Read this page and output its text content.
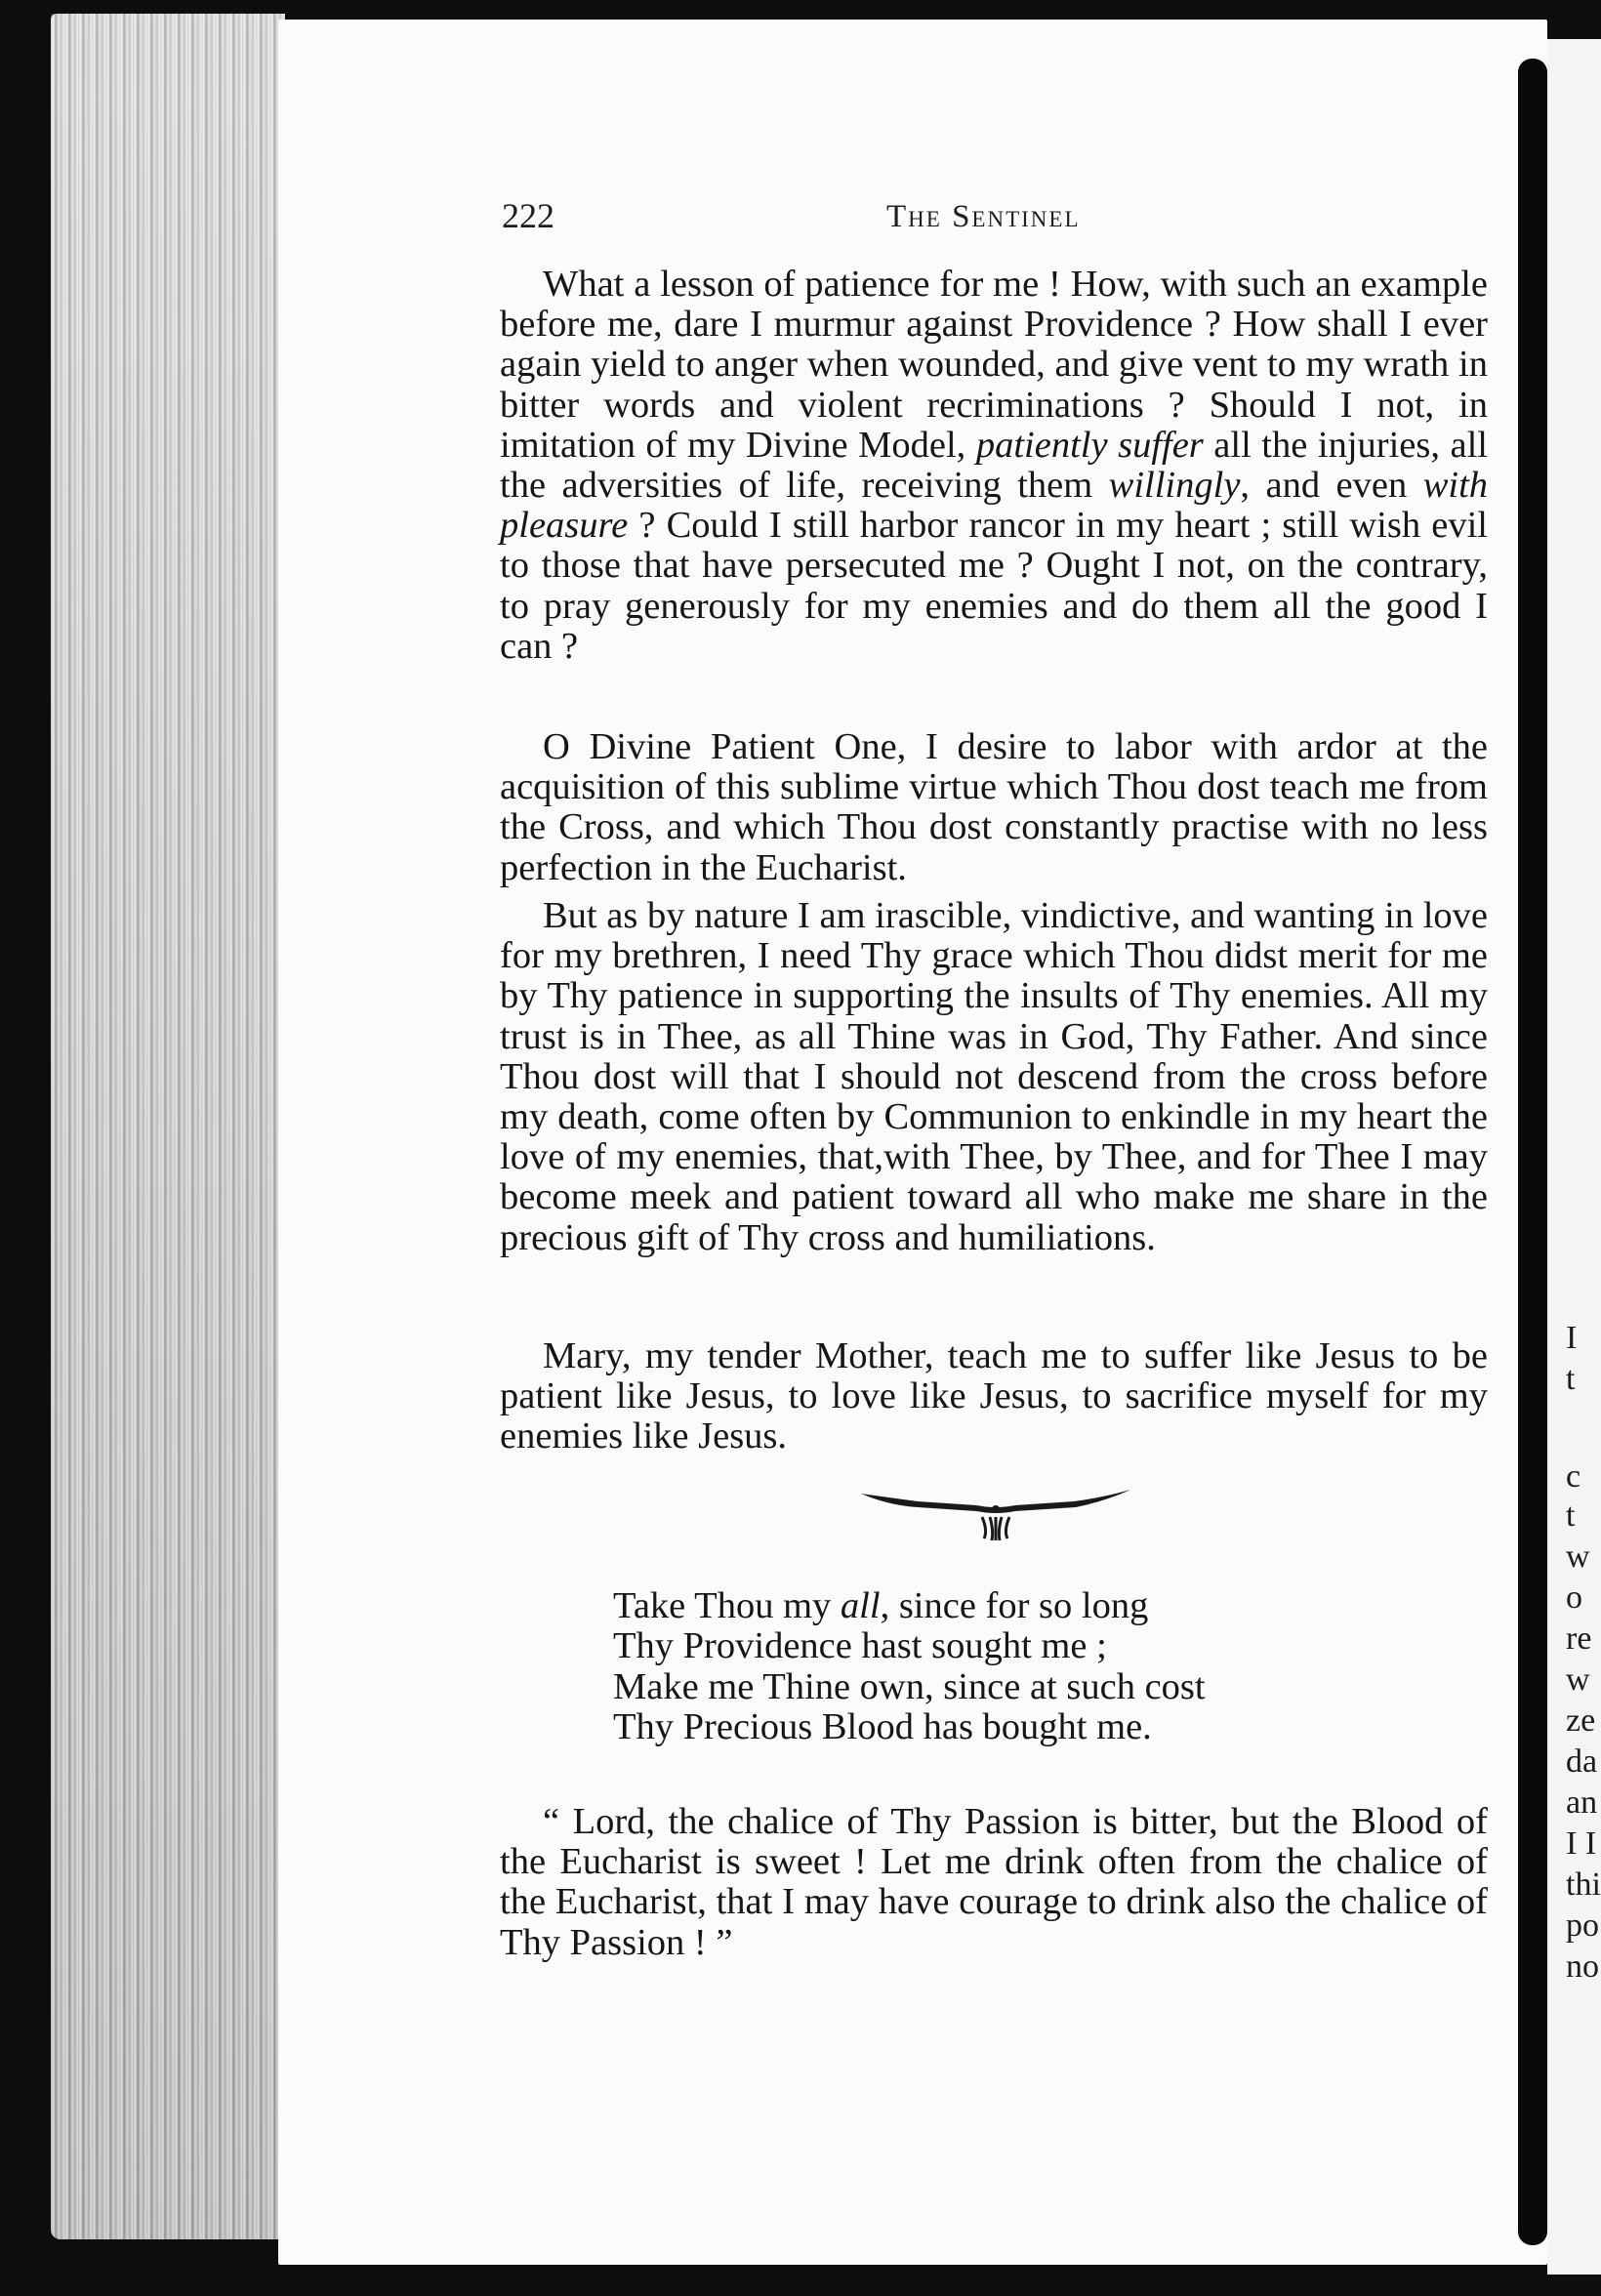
I
t
c
t
w
o
re
w
ze
da
an
I I
thi
po
no
222	The Sentinel

What a lesson of patience for me ! How, with such an example before me, dare I murmur against Providence ? How shall I ever again yield to anger when wounded, and give vent to my wrath in bitter words and violent recriminations ? Should I not, in imitation of my Divine Model, patiently suffer all the injuries, all the adversities of life, receiving them willingly, and even with pleasure ? Could I still harbor rancor in my heart ; still wish evil to those that have persecuted me ? Ought I not, on the contrary, to pray generously for my enemies and do them all the good I can ?

O Divine Patient One, I desire to labor with ardor at the acquisition of this sublime virtue which Thou dost teach me from the Cross, and which Thou dost constantly practise with no less perfection in the Eucharist.

But as by nature I am irascible, vindictive, and wanting in love for my brethren, I need Thy grace which Thou didst merit for me by Thy patience in supporting the insults of Thy enemies. All my trust is in Thee, as all Thine was in God, Thy Father. And since Thou dost will that I should not descend from the cross before my death, come often by Communion to enkindle in my heart the love of my enemies, that,with Thee, by Thee, and for Thee I may become meek and patient toward all who make me share in the precious gift of Thy cross and humiliations.

Mary, my tender Mother, teach me to suffer like Jesus to be patient like Jesus, to love like Jesus, to sacrifice myself for my enemies like Jesus.

Take Thou my all, since for so long
Thy Providence hast sought me ;
Make me Thine own, since at such cost
Thy Precious Blood has bought me.

“ Lord, the chalice of Thy Passion is bitter, but the Blood of the Eucharist is sweet ! Let me drink often from the chalice of the Eucharist, that I may have courage to drink also the chalice of Thy Passion ! ”
